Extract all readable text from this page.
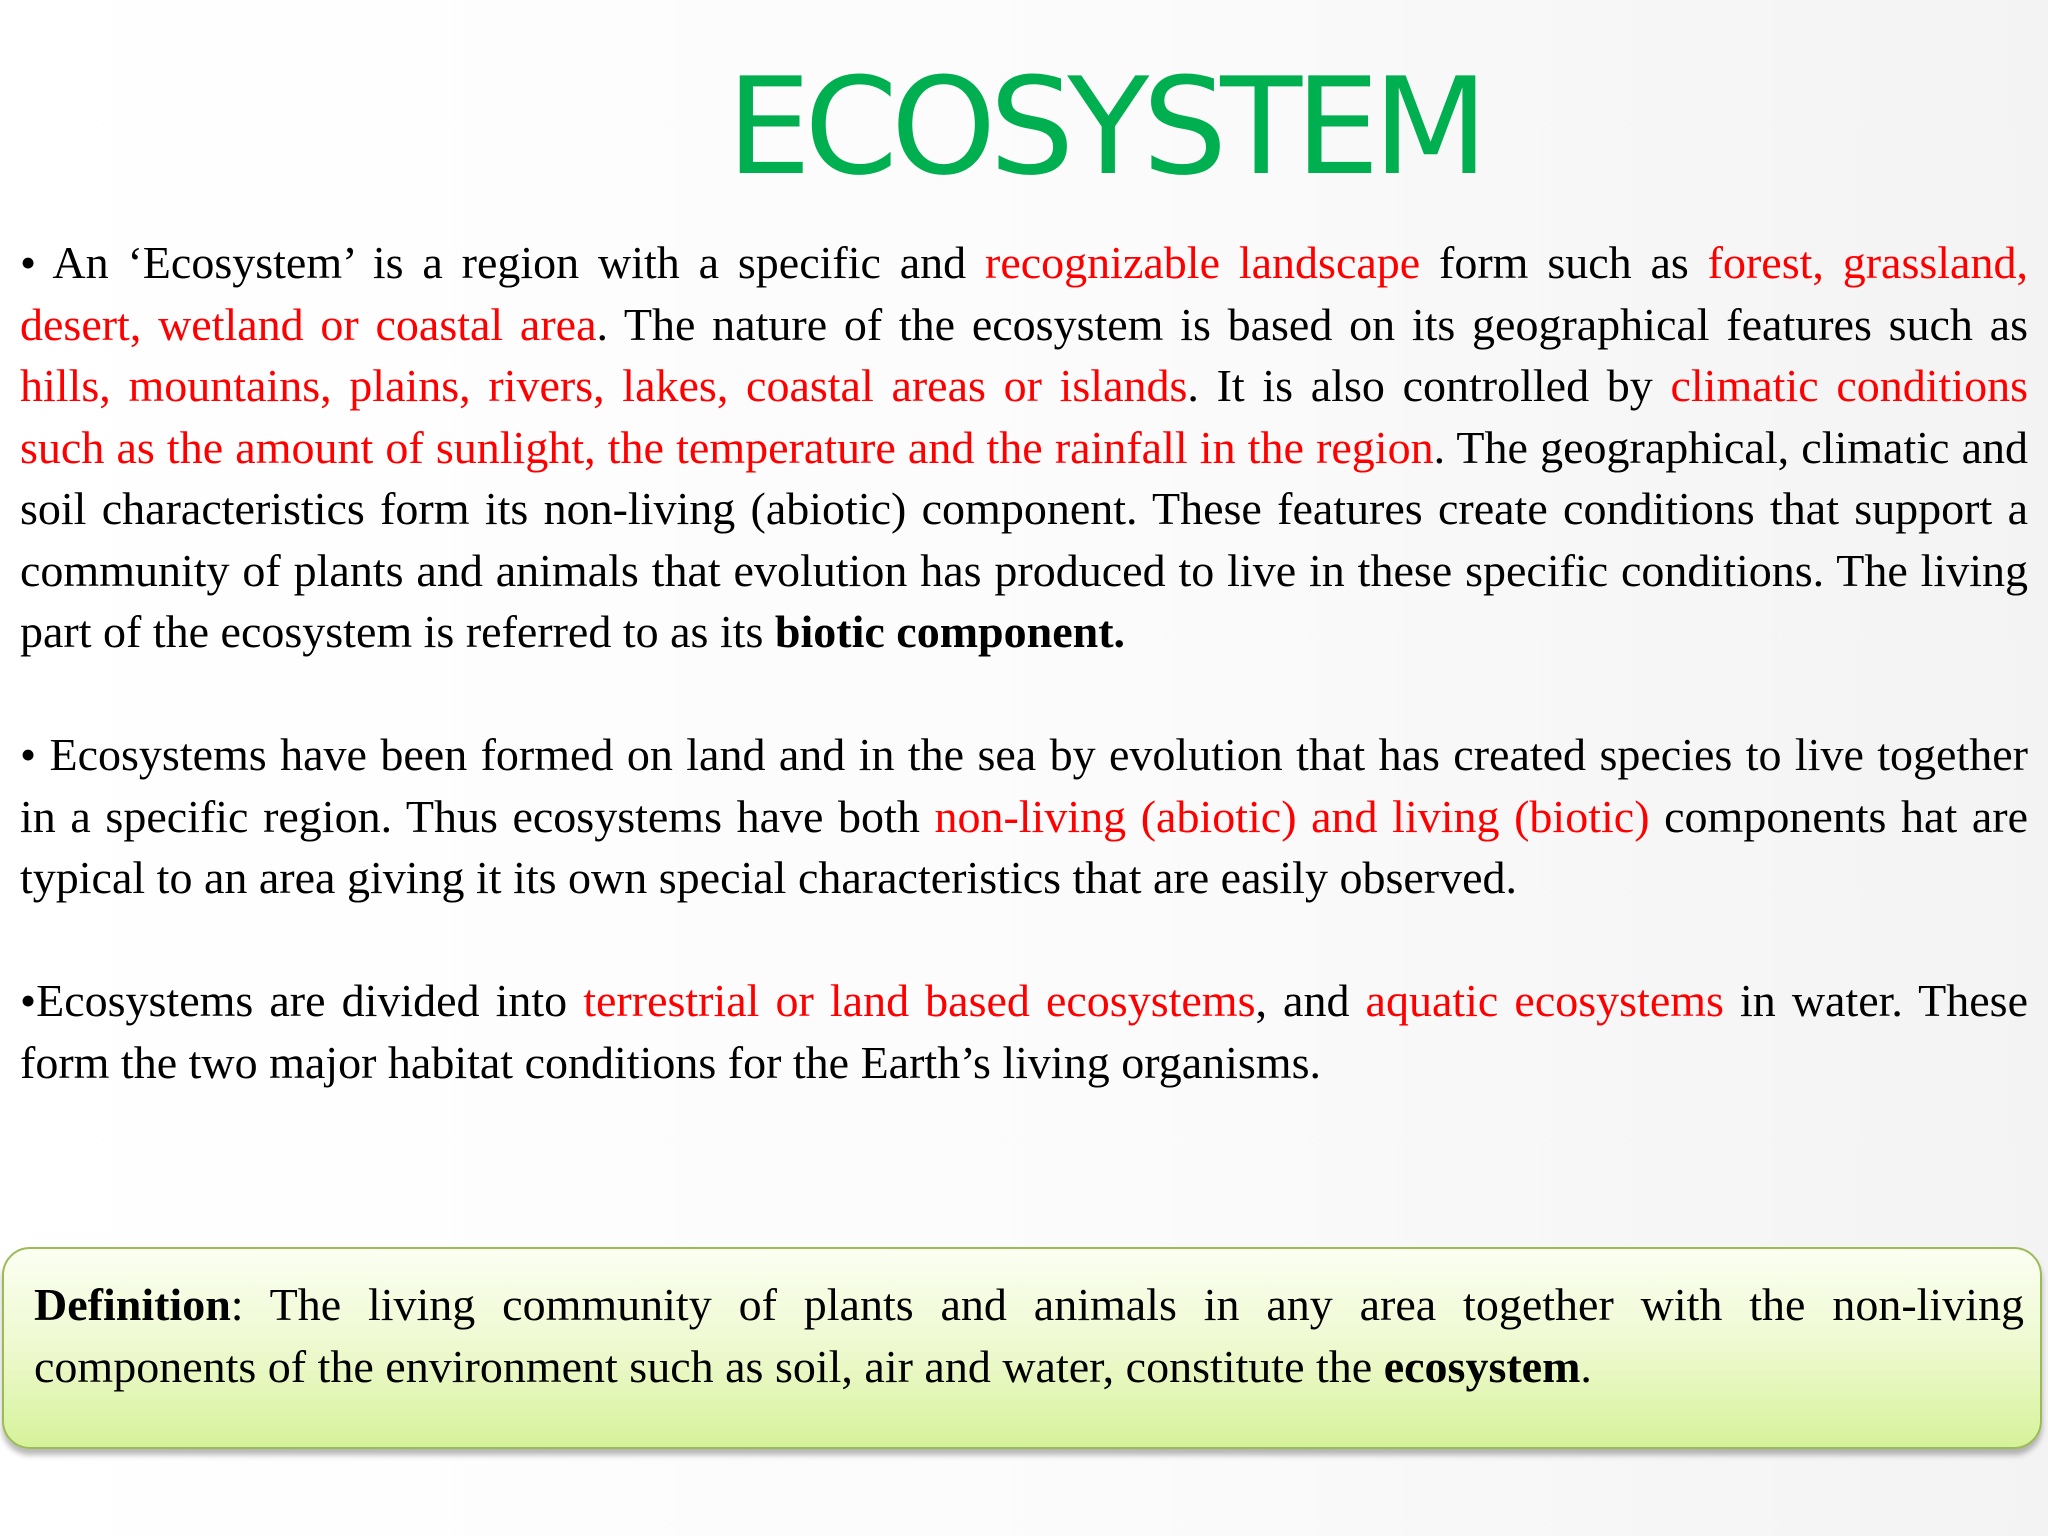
ECOSYSTEM

• An ‘Ecosystem’ is a region with a specific and recognizable landscape form such as forest, grassland, desert, wetland or coastal area. The nature of the ecosystem is based on its geographical features such as hills, mountains, plains, rivers, lakes, coastal areas or islands. It is also controlled by climatic conditions such as the amount of sunlight, the temperature and the rainfall in the region. The geographical, climatic and soil characteristics form its non-living (abiotic) component. These features create conditions that support a community of plants and animals that evolution has produced to live in these specific conditions. The living part of the ecosystem is referred to as its biotic component.

• Ecosystems have been formed on land and in the sea by evolution that has created species to live together in a specific region. Thus ecosystems have both non-living (abiotic) and living (biotic) components hat are typical to an area giving it its own special characteristics that are easily observed.

•Ecosystems are divided into terrestrial or land based ecosystems, and aquatic ecosystems in water. These form the two major habitat conditions for the Earth’s living organisms.

Definition: The living community of plants and animals in any area together with the non-living components of the environment such as soil, air and water, constitute the ecosystem.
